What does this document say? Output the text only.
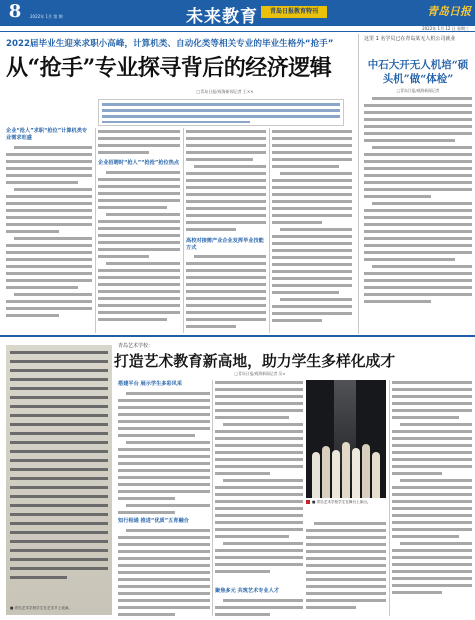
8	2022年 1月 第 期	未来教育	青岛日报教育特刊	青岛日报
2022年 1月 12 日 星期三
2022届毕业生迎来求职小高峰，计算机类、自动化类等相关专业的毕业生格外“抢手”
从“抢手”专业探寻背后的经济逻辑
□青岛日报/观海新闻记者 王××
企业“抢人”求职“抢位”计算机类专业需求旺盛
企业招聘时“抢人”“抢抢”抢位热点
高校对接需产业企业发挥毕业技能方式
这里 1 名学员已在青岛某无人机公司就业
中石大开无人机培“硕头机”做“体检”
□青岛日报/观海新闻记者
■ 青岛艺术学校学生在艺术节上表演。
青岛艺术学校：
打造艺术教育新高地，助力学生多样化成才
□青岛日报/观海新闻记者 吴×
搭建平台 展示学生多彩风采
知行相通 推进“优质”五育融合
聚焦多元 共筑艺术专业人才
■ 青岛艺术学校学生在舞台上演出。
